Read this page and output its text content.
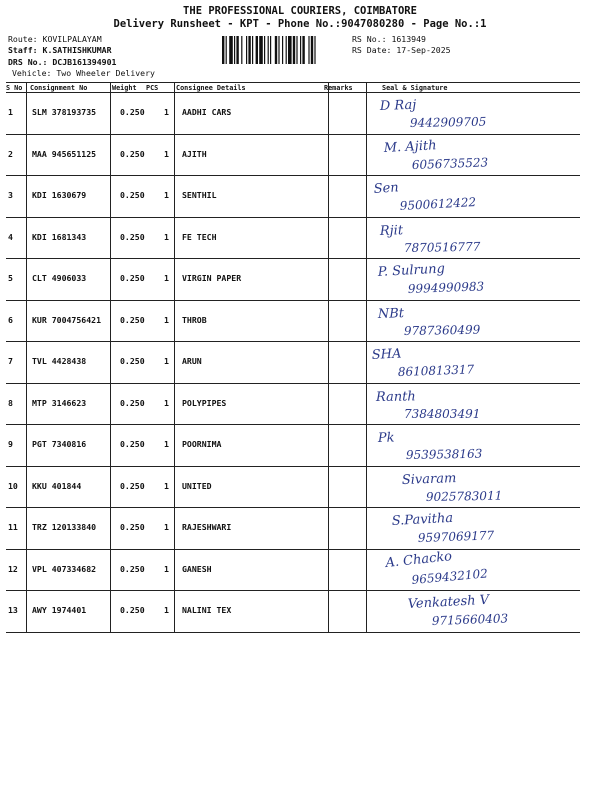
THE PROFESSIONAL COURIERS, COIMBATORE
Delivery Runsheet - KPT - Phone No.:9047080280 - Page No.:1
Route: KOVILPALAYAM
Staff: K.SATHISHKUMAR
DRS No.: DCJB161394901
Vehicle: Two Wheeler Delivery
RS No.: 1613949
RS Date: 17-Sep-2025
S No Consignment No	Weight PCS	Consignee Details	Remarks	Seal & Signature
1 SLM 378193735	0.250 1 AADHI CARS	D Raj
9442909705
2 MAA 945651125	0.250 1 AJITH	M. Ajith
6056735523
3 KDI 1630679	0.250 1 SENTHIL	Sen
9500612422
4 KDI 1681343	0.250 1 FE TECH	Rjit
7870516777
5 CLT 4906033	0.250 1 VIRGIN PAPER	P. Sulrung
9994990983
6 KUR 7004756421 0.250 1 THROB	NBt
9787360499
7 TVL 4428438	0.250 1 ARUN	SHA
8610813317
8 MTP 3146623	0.250 1 POLYPIPES	Ranth
7384803491
9 PGT 7340816	0.250 1 POORNIMA	Pk
9539538163
10 KKU 401844	0.250 1 UNITED	Sivaram
9025783011
11 TRZ 120133840	0.250 1 RAJESHWARI	S.Pavitha
9597069177
12 VPL 407334682	0.250 1 GANESH	A. Chacko
9659432102
13 AWY 1974401	0.250 1 NALINI TEX	Venkatesh V
9715660403
